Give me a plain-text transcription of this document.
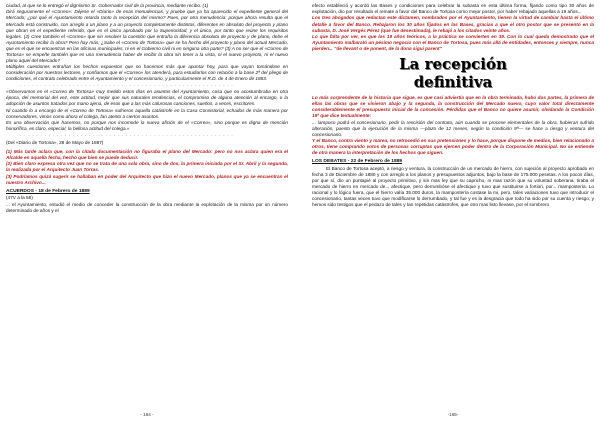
ciudad, al que se lo entregó el dignísimo Sr. Gobernador civil de la provincia, mediante recibo. (1)

Dirá seguramente el «Correo»: Déjese el «Diario» de esas menudencias, y pruebe que ya ha aparecido el expediente general del Mercado; ¿por qué el Ayuntamiento retarda tanto la recepción del mismo? Pues, por otra menudencia: porque ahora resulta que el Mercado está construido, con arreglo a un plano y a un proyecto completamente distintos, diferentes en absoluto del proyecto y plano que obran en el expediente referido, que es el único aprobado por la Superioridad, y el único, por tanto que reúne los requisitos legales. (2) Cree también el «Correo» que sin resolver la cuestión que entraña la diferencia absoluta de proyecto y de plano, debe el Ayuntamiento recibir la obra? Pero hay más: ¿Sabe el «Correo de Tortosa» que se ha hecho del proyecto y plano del actual Mercado, que es el que se encuentran en las oficinas municipales, ni en el Gobierno civil ni en ninguna otra parte? (3) A no ser que el «Correo de Tortosa» se empeñe también que es una menudencia haber de recibir la obra sin tener a la vista, ni el nuevo proyecto, ni el nuevo plano aquel del Mercado?

Múltiples cuestiones entrañan los hechos expuestos que no hacemos más que apuntar hoy, para que vayan tomándose en consideración por nuestros lectores, y confiamos que el «Correo» los atenderá, para estudiarlos con relación a la base 2ª del pliego de condiciones, el contrato celebrado entre el Ayuntamiento y el concesionario, y particularmente el R.D. de 4 de Enero de 1883.

· · · · · · · · · · · · · · · · · · · · · · · · · · · · · · · · · · · · · · · · · · · · · · · · · · · · ·

«Observamos en el «Correo de Tortosa» muy metido estos días en asuntos del Ayuntamiento, cosa que no acostumbraba en otra época, del memorial del vez, este actitud, mejor que sus naturales tendencias, el compromiso de alguna atención al encargo, o la adopción de asuntos tratados por mano ajena, de esos que a las más calurosas canciones, sueños, a veces, escritores.

Ni cuando lo a encargo de el «Correo de Tortosa» sufrieron aquella catástrofe en la Casa Consistorial, echados de más manera por conservadores, vimos como ahora el colega, fan atento a ciertos asuntos.

Es una observación que hacemos, no porque nos incomode la nueva afición de el «Correo», sino porque es digna de mención honorífica, es claro, especial, la bellosa actitud del colega.»

· · · · · · · · · · · · · · · · · · · · · · · · · · · · · · · · · · · · · · · · · · · · · · · · · · · · ·

(Del «Diario de Tortosa», 28 de Mayo de 1887)

(1) Más tarde aclara que, con la citada documentación no figuraba el plano del Mercado: pero no nos aclara quien era el Alcalde en aquella fecha, hecho que bien se puede deducir.

(2) Bien claro expresa otra vez que no se trata de una sola obra, sino de dos, la primera iniciada por el Sr. Abril y la segunda, la realizada por el Arquitecto Juan Torras.

(3) Podríamos quizá sugerir se hallaban en poder del Arquitecto que hizo el nuevo Mercado, planos que ya se encuentran el nuestro Archivo...

ACUERDOS - 18 de Febrero de 1889

(47V a la 55)

... el Ayuntamiento, estudió el medio de conceder la construcción de la obra mediante la explotación de la misma por un número determinado de años y el

- 164 -

efecto estableció y acordó las Bases y condiciones para celebrar la subasta en esta última forma, fijando como tipo 30 años de explotación, dio por resultado el remate a favor del Banco de Tortosa como mejor postor, por haber rebajado aquellas a 19 años...

Los tres abogados que redactan este dictamen, nombrados por el Ayuntamiento, tienen la virtud de cambiar hasta el último detalle a favor del Banco. Rebajaron los 30 años fijados en las Bases, gracias a que el otro postor que se presentó en la subasta, D. José Vergés Pérez (que fue desestimada), le rebajó a los citados veinte años.

Lo que falta por ver, es que los 19 años teóricos, a la práctica se convierten en 39. Con lo cual queda demostrado que el Ayuntamiento malbarató un pésimo negocio con el Banco de Tortosa, pues más allá de entidades, entonces y siempre, nunca pierden... "de llevant o de ponent, de la dona sigui parent"

La recepción
definitiva

Lo más sorprendente de la historia que sigue, es que casi adviertía que en la obra terminada, hubo dos partes, la primera de ellas las obras que se vinieron abajo y la segunda, la construcción del Mercado nuevo, cuyo valor total directamente considerablemente el presupuesto inicial de la concesión. Pérdidas que el Banco no quiere asumir, olvidando la Condición 19ª que dice textualmente:

... lampoco podrá el concesionario, pedir la rescisión del contrato, aún cuando se procese elementales de la obra, hubieran sufrido alteración, puesto que la ejecución de la misma —plazo de 12 meses, según la condición 9ª— se hace a riesgo y ventura del concesionario.

Y el Banco, contra viento y marea, no retrocedió en sus pretensiones y lo hace, porque dispone de medios, bien relacionado a otros, tiene comprando votos de personas corruptas que ejercen poder dentro de la Corporación Municipal. No se entiende de otra manera la interpretación de los hechos que siguen.

LOS DEBATES - 22 de Febrero de 1889

El Banco de Tortosa aceptó, a riesgo y ventura, la construcción de un mercado de hierro, con sujeción al proyecto aprobado en fecha 3 de Diciembre de 1880 y con arreglo a los planos y presupuestos adjuntos, bajo la base de 175.000 pesetas. A los pocos días, por que sí, dio un puntapié al proyecto primitivo, y sin mas ley que su capricho, ni mas razón que su voluntad soberana, tiraba el mercado de hierro en mercado de... afectique, pero derrumbóse el afectique y tuvo que sustituirse a fortiori, por... mampostería. Lo racional y lo lógico fuera, que el hierro valía 35.000 duros, la mampostería costase la mi, pero, tales variaciones tuvo que introducir el concesionario, tantas veces tuvo que modificarse lo derrumbado, y tal fue y es la desgracia que todo ha sido por su cuenta y riesgo, y hemos sido testigos que el pedazo de tales y tan repetidas catástrofes, que otro mas listo llevase, por el sombrero

-165-
